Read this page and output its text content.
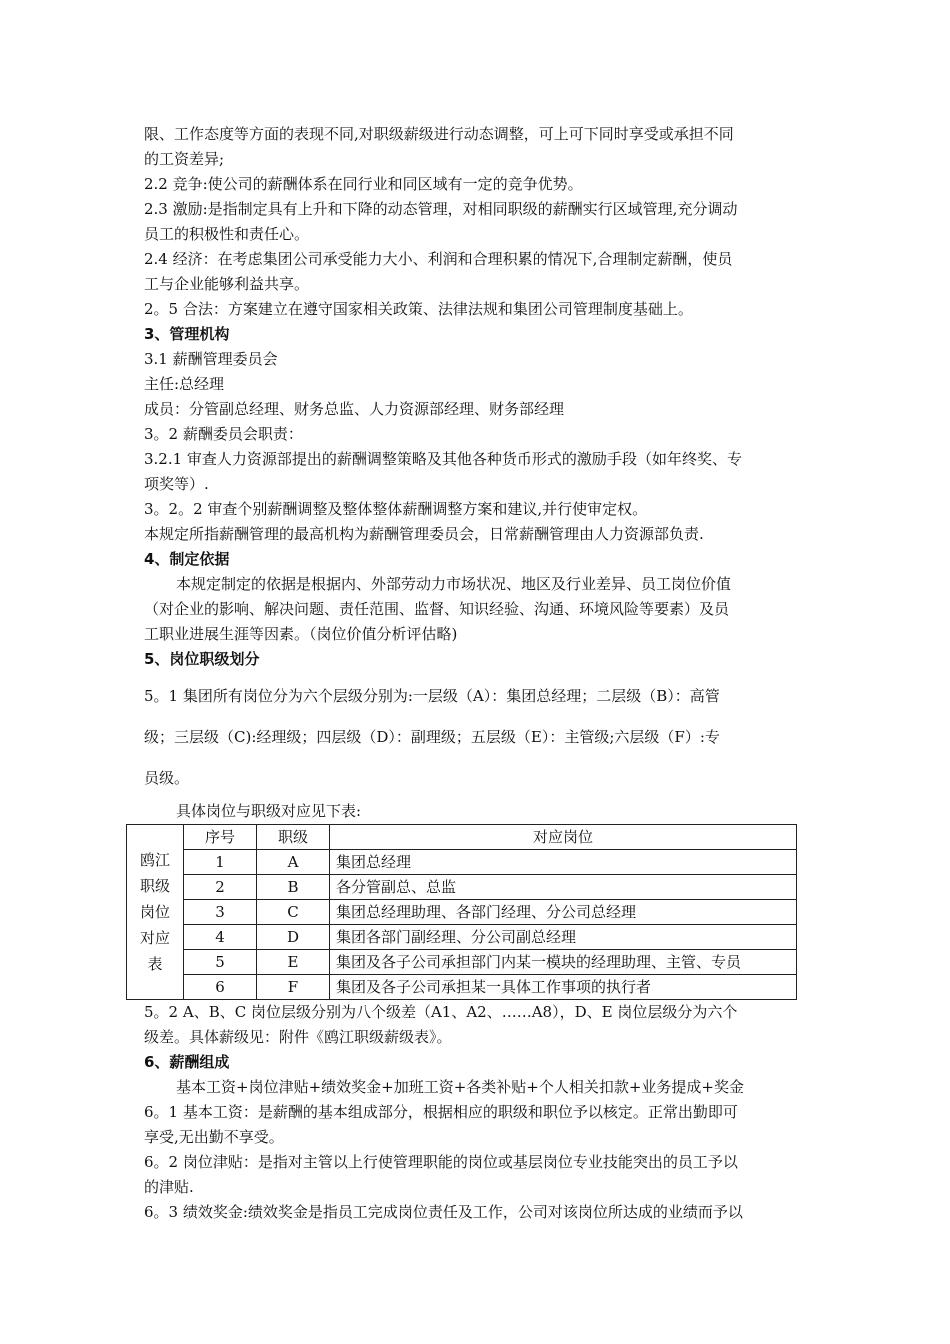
限、工作态度等方面的表现不同,对职级薪级进行动态调整，可上可下同时享受或承担不同
的工资差异;
2.2 竞争:使公司的薪酬体系在同行业和同区域有一定的竞争优势。
2.3 激励:是指制定具有上升和下降的动态管理，对相同职级的薪酬实行区域管理,充分调动
员工的积极性和责任心。
2.4 经济：在考虑集团公司承受能力大小、利润和合理积累的情况下,合理制定薪酬，使员
工与企业能够利益共享。
2。5 合法：方案建立在遵守国家相关政策、法律法规和集团公司管理制度基础上。
3、管理机构
3.1 薪酬管理委员会
主任:总经理
成员：分管副总经理、财务总监、人力资源部经理、财务部经理
3。2 薪酬委员会职责：
3.2.1 审查人力资源部提出的薪酬调整策略及其他各种货币形式的激励手段（如年终奖、专
项奖等）.
3。2。2 审查个别薪酬调整及整体整体薪酬调整方案和建议,并行使审定权。
本规定所指薪酬管理的最高机构为薪酬管理委员会，日常薪酬管理由人力资源部负责.
4、制定依据
本规定制定的依据是根据内、外部劳动力市场状况、地区及行业差异、员工岗位价值
（对企业的影响、解决问题、责任范围、监督、知识经验、沟通、环境风险等要素）及员
工职业进展生涯等因素。（岗位价值分析评估略)
5、岗位职级划分
5。1 集团所有岗位分为六个层级分别为:一层级（A）：集团总经理；二层级（B）：高管
级；三层级（C):经理级；四层级（D）：副理级；五层级（E）：主管级;六层级（F）:专
员级。
具体岗位与职级对应见下表:
鸥江
职级
岗位
对应
表	序号	职级	对应岗位
	1	A	集团总经理
	2	B	各分管副总、总监
	3	C	集团总经理助理、各部门经理、分公司总经理
	4	D	集团各部门副经理、分公司副总经理
	5	E	集团及各子公司承担部门内某一模块的经理助理、主管、专员
	6	F	集团及各子公司承担某一具体工作事项的执行者
5。2 A、B、C 岗位层级分别为八个级差（A1、A2、……A8），D、E 岗位层级分为六个
级差。具体薪级见：附件《鸥江职级薪级表》。
6、薪酬组成
基本工资+岗位津贴+绩效奖金+加班工资+各类补贴+个人相关扣款+业务提成+奖金
6。1 基本工资：是薪酬的基本组成部分，根据相应的职级和职位予以核定。正常出勤即可
享受,无出勤不享受。
6。2 岗位津贴：是指对主管以上行使管理职能的岗位或基层岗位专业技能突出的员工予以
的津贴.
6。3 绩效奖金:绩效奖金是指员工完成岗位责任及工作，公司对该岗位所达成的业绩而予以
